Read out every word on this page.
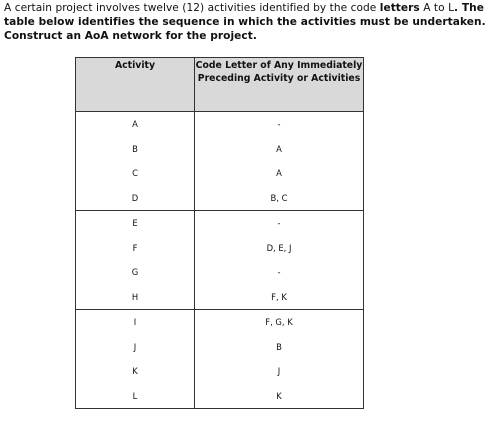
A certain project involves twelve (12) activities identified by the code letters A to L. The table below identifies the sequence in which the activities must be undertaken. Construct an AoA network for the project.
Activity	Code Letter of Any Immediately Preceding Activity or Activities
A	-
B	A
C	A
D	B, C
E	-
F	D, E, J
G	-
H	F, K
I	F, G, K
J	B
K	J
L	K
